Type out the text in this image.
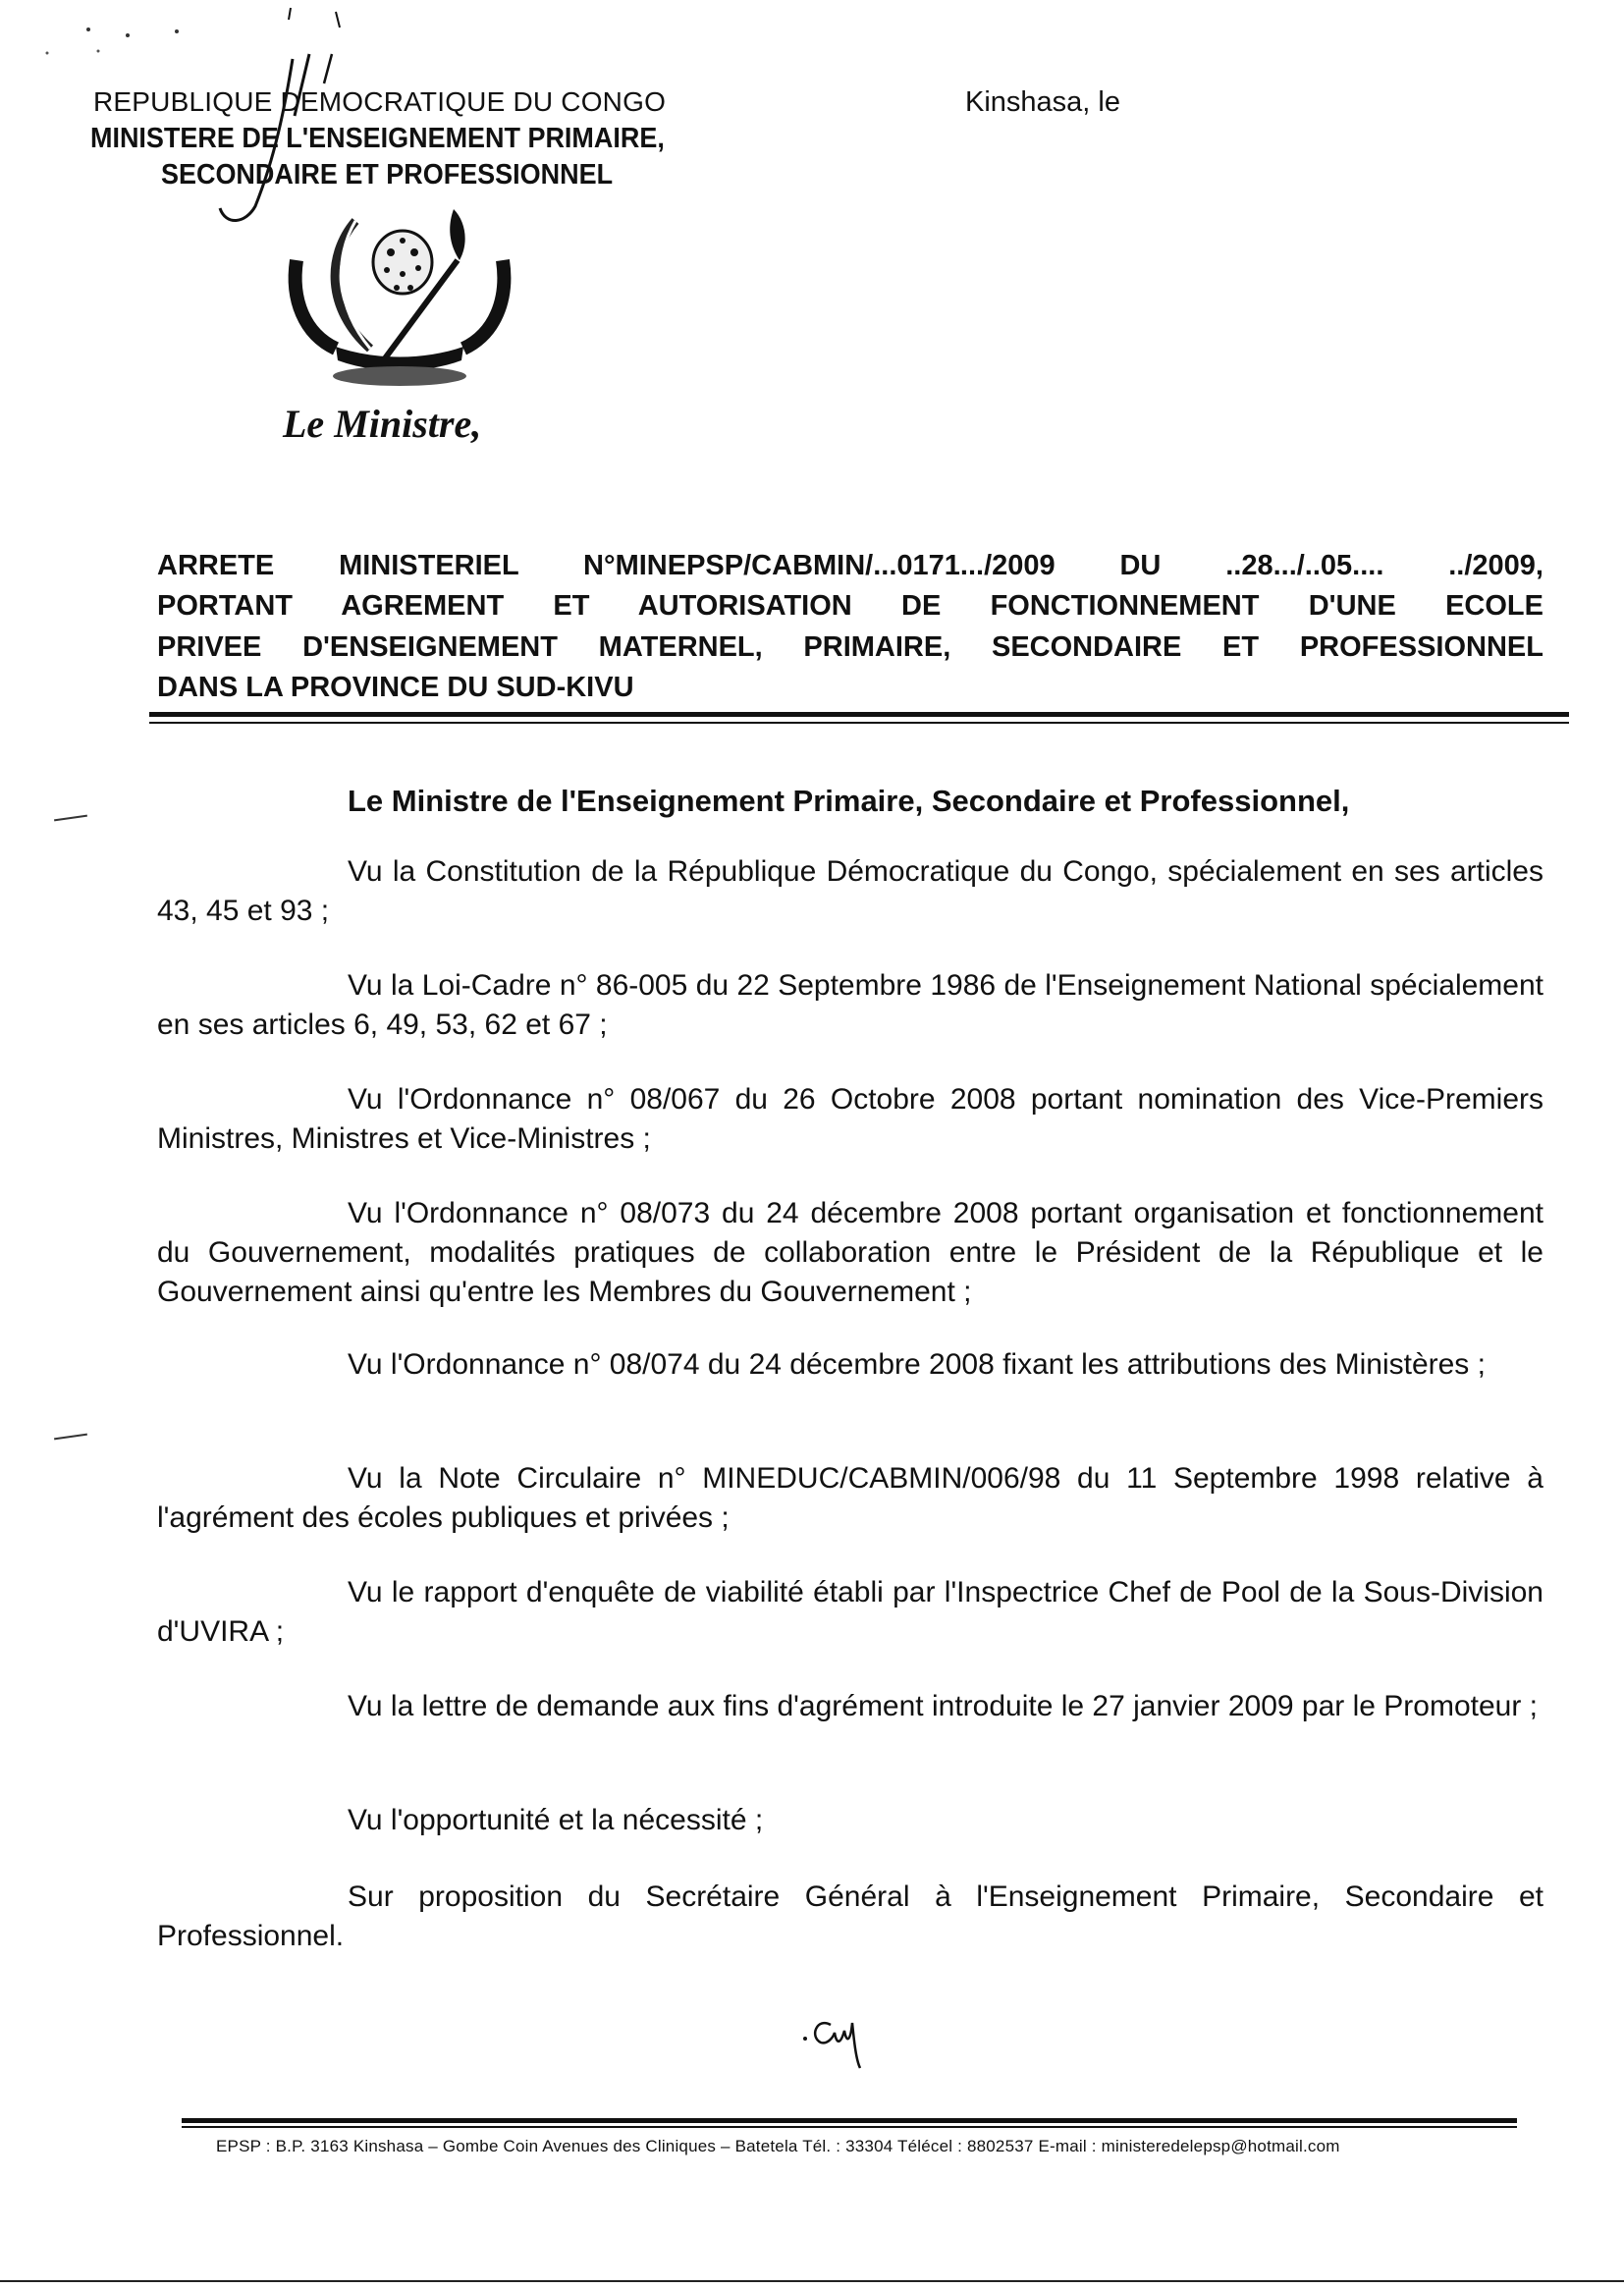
REPUBLIQUE DEMOCRATIQUE DU CONGO
MINISTERE DE L'ENSEIGNEMENT PRIMAIRE,
SECONDAIRE ET PROFESSIONNEL
Kinshasa, le
Le Ministre,
ARRETE MINISTERIEL N°MINEPSP/CABMIN/...0171.../2009 DU ..28.../..05.... ../2009,
PORTANT AGREMENT ET AUTORISATION DE FONCTIONNEMENT D'UNE ECOLE
PRIVEE D'ENSEIGNEMENT MATERNEL, PRIMAIRE, SECONDAIRE ET PROFESSIONNEL
DANS LA PROVINCE DU SUD-KIVU
Le Ministre de l'Enseignement Primaire, Secondaire et Professionnel,
Vu la Constitution de la République Démocratique du Congo, spécialement en ses articles 43, 45 et 93 ;
Vu la Loi-Cadre n° 86-005 du 22 Septembre 1986 de l'Enseignement National spécialement en ses articles 6, 49, 53, 62 et 67 ;
Vu l'Ordonnance n° 08/067 du 26 Octobre 2008 portant nomination des Vice-Premiers Ministres, Ministres et Vice-Ministres ;
Vu l'Ordonnance n° 08/073 du 24 décembre 2008 portant organisation et fonctionnement du Gouvernement, modalités pratiques de collaboration entre le Président de la République et le Gouvernement ainsi qu'entre les Membres du Gouvernement ;
Vu l'Ordonnance n° 08/074 du 24 décembre 2008 fixant les attributions des Ministères ;
Vu la Note Circulaire n° MINEDUC/CABMIN/006/98 du 11 Septembre 1998 relative à l'agrément des écoles publiques et privées ;
Vu le rapport d'enquête de viabilité établi par l'Inspectrice Chef de Pool de la Sous-Division d'UVIRA ;
Vu la lettre de demande aux fins d'agrément introduite le 27 janvier 2009 par le Promoteur ;
Vu l'opportunité et la nécessité ;
Sur proposition du Secrétaire Général à l'Enseignement Primaire, Secondaire et Professionnel.
EPSP : B.P. 3163 Kinshasa – Gombe Coin Avenues des Cliniques – Batetela Tél. : 33304 Télécel : 8802537 E-mail : ministeredelepsp@hotmail.com
